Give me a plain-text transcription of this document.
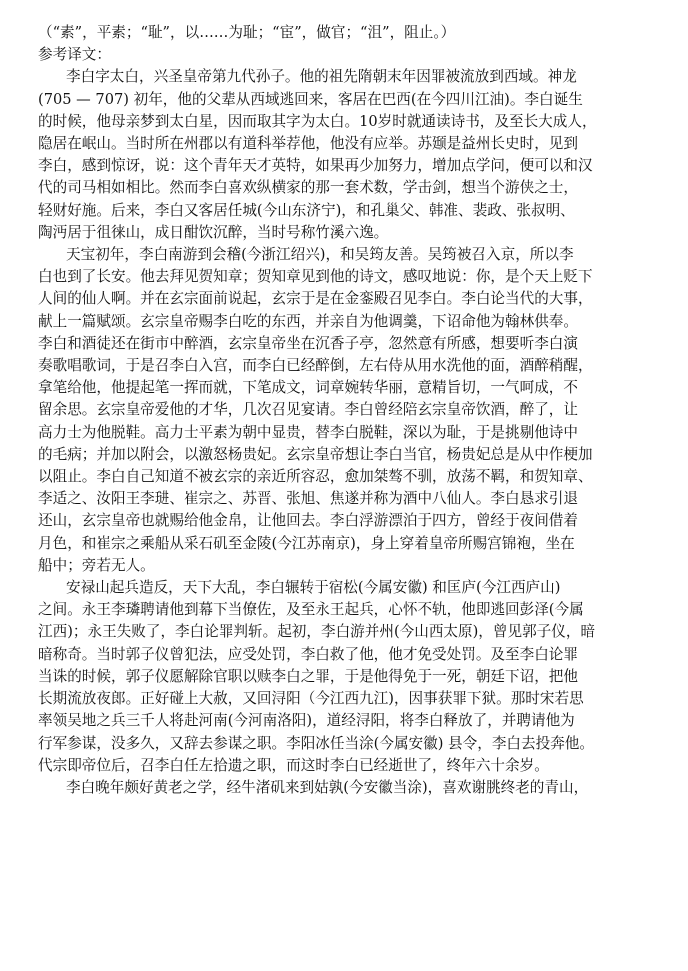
（“素”，平素；“耻”，以……为耻；“宦”，做官；“沮”，阻止。）
参考译文：
李白字太白，兴圣皇帝第九代孙子。他的祖先隋朝末年因罪被流放到西域。神龙
(705 — 707) 初年，他的父辈从西域逃回来，客居在巴西(在今四川江油)。李白诞生
的时候，他母亲梦到太白星，因而取其字为太白。10岁时就通读诗书，及至长大成人，
隐居在岷山。当时所在州郡以有道科举荐他，他没有应举。苏颋是益州长史时，见到
李白，感到惊讶，说：这个青年天才英特，如果再少加努力，增加点学问，便可以和汉
代的司马相如相比。然而李白喜欢纵横家的那一套术数，学击剑，想当个游侠之士，
轻财好施。后来，李白又客居任城(今山东济宁)，和孔巢父、韩准、裴政、张叔明、
陶沔居于徂徕山，成日酣饮沉醉，当时号称竹溪六逸。
天宝初年，李白南游到会稽(今浙江绍兴)，和吴筠友善。吴筠被召入京，所以李
白也到了长安。他去拜见贺知章；贺知章见到他的诗文，感叹地说：你，是个天上贬下
人间的仙人啊。并在玄宗面前说起，玄宗于是在金銮殿召见李白。李白论当代的大事，
献上一篇赋颂。玄宗皇帝赐李白吃的东西，并亲自为他调羹，下诏命他为翰林供奉。
李白和酒徒还在街市中醉酒，玄宗皇帝坐在沉香子亭，忽然意有所感，想要听李白演
奏歌唱歌词，于是召李白入宫，而李白已经醉倒，左右侍从用水洗他的面，酒醉稍醒，
拿笔给他，他提起笔一挥而就，下笔成文，词章婉转华丽，意精旨切，一气呵成，不
留余思。玄宗皇帝爱他的才华，几次召见宴请。李白曾经陪玄宗皇帝饮酒，醉了，让
高力士为他脱鞋。高力士平素为朝中显贵，替李白脱鞋，深以为耻，于是挑剔他诗中
的毛病；并加以附会，以激怒杨贵妃。玄宗皇帝想让李白当官，杨贵妃总是从中作梗加
以阻止。李白自己知道不被玄宗的亲近所容忍，愈加桀骜不驯，放荡不羁，和贺知章、
李适之、汝阳王李琎、崔宗之、苏晋、张旭、焦遂并称为酒中八仙人。李白恳求引退
还山，玄宗皇帝也就赐给他金帛，让他回去。李白浮游漂泊于四方，曾经于夜间借着
月色，和崔宗之乘船从采石矶至金陵(今江苏南京)，身上穿着皇帝所赐宫锦袍，坐在
船中；旁若无人。
安禄山起兵造反，天下大乱，李白辗转于宿松(今属安徽) 和匡庐(今江西庐山)
之间。永王李璘聘请他到幕下当僚佐，及至永王起兵，心怀不轨，他即逃回彭泽(今属
江西)；永王失败了，李白论罪判斩。起初，李白游并州(今山西太原)，曾见郭子仪，暗
暗称奇。当时郭子仪曾犯法，应受处罚，李白救了他，他才免受处罚。及至李白论罪
当诛的时候，郭子仪愿解除官职以赎李白之罪，于是他得免于一死，朝廷下诏，把他
长期流放夜郎。正好碰上大赦，又回浔阳（今江西九江)，因事获罪下狱。那时宋若思
率领吴地之兵三千人将赴河南(今河南洛阳)，道经浔阳，将李白释放了，并聘请他为
行军参谋，没多久，又辞去参谋之职。李阳冰任当涂(今属安徽) 县令，李白去投奔他。
代宗即帝位后，召李白任左拾遗之职，而这时李白已经逝世了，终年六十余岁。
李白晚年颇好黄老之学，经牛渚矶来到姑孰(今安徽当涂)，喜欢谢朓终老的青山，
